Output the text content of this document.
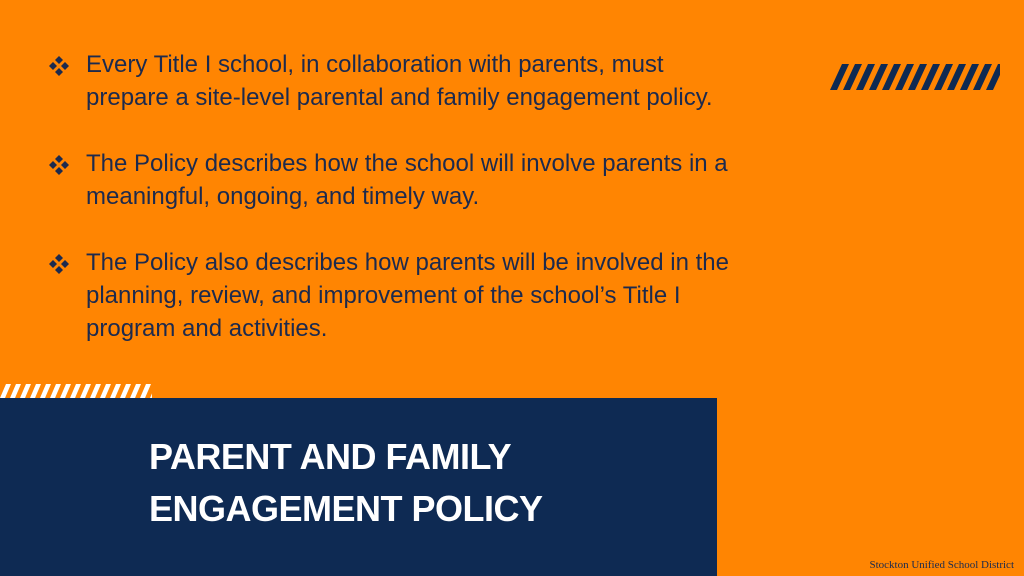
Every Title I school, in collaboration with parents, must
prepare a site-level parental and family engagement policy.
The Policy describes how the school will involve parents in a
meaningful, ongoing, and timely way.
The Policy also describes how parents will be involved in the
planning, review, and improvement of the school’s Title I
program and activities.
PARENT AND FAMILY
ENGAGEMENT POLICY
Stockton Unified School District
